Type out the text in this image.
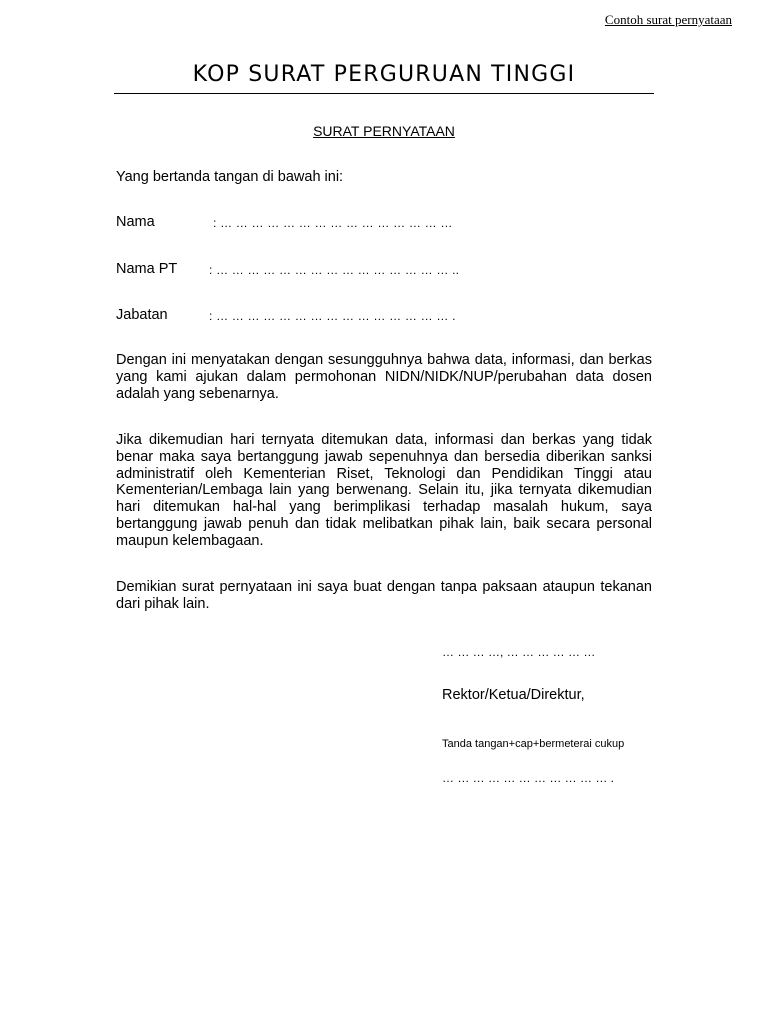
Contoh surat pernyataan
KOP SURAT PERGURUAN TINGGI
SURAT PERNYATAAN
Yang bertanda tangan di bawah ini:
Nama	: … … … … … … … … … … … … … … …
Nama PT	: … … … … … … … … … … … … … … … ..
Jabatan	: … … … … … … … … … … … … … … … .
Dengan ini menyatakan dengan sesungguhnya bahwa data, informasi, dan berkas yang kami ajukan dalam permohonan NIDN/NIDK/NUP/perubahan data dosen adalah yang sebenarnya.
Jika dikemudian hari ternyata ditemukan data, informasi dan berkas yang tidak benar maka saya bertanggung jawab sepenuhnya dan bersedia diberikan sanksi administratif oleh Kementerian Riset, Teknologi dan Pendidikan Tinggi atau Kementerian/Lembaga lain yang berwenang. Selain itu, jika ternyata dikemudian hari ditemukan hal-hal yang berimplikasi terhadap masalah hukum, saya bertanggung jawab penuh dan tidak melibatkan pihak lain, baik secara personal maupun kelembagaan.
Demikian surat pernyataan ini saya buat dengan tanpa paksaan ataupun tekanan dari pihak lain.
… … … …, … … … … … …
Rektor/Ketua/Direktur,
Tanda tangan+cap+bermeterai cukup
… … … … … … … … … … … .
